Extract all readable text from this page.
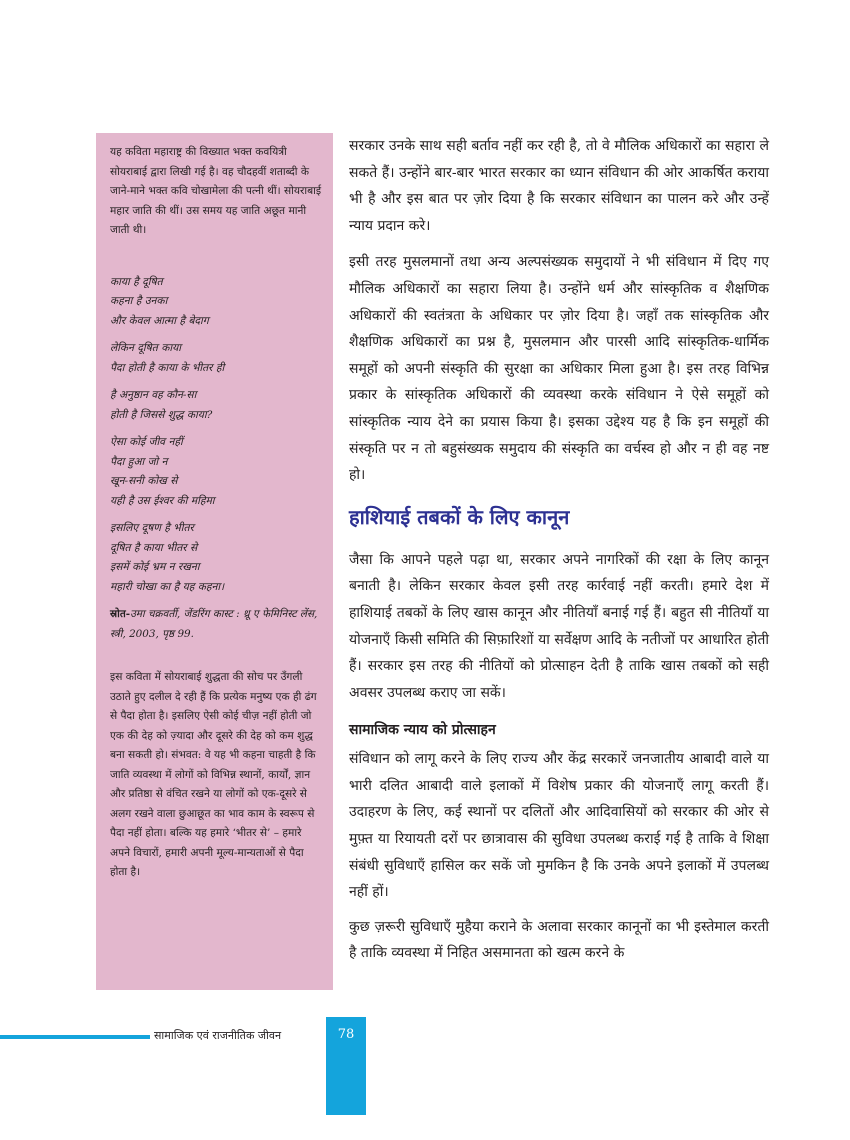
यह कविता महाराष्ट्र की विख्यात भक्त कवयित्री सोयराबाई द्वारा लिखी गई है। वह चौदहवीं शताब्दी के जाने-माने भक्त कवि चोखामेला की पत्नी थीं। सोयराबाई महार जाति की थीं। उस समय यह जाति अछूत मानी जाती थी।

काया है दूषित
कहना है उनका
और केवल आत्मा है बेदाग
लेकिन दूषित काया
पैदा होती है काया के भीतर ही
है अनुष्ठान वह कौन-सा
होती है जिससे शुद्ध काया?
ऐसा कोई जीव नहीं
पैदा हुआ जो न
खून-सनी कोख से
यही है उस ईश्वर की महिमा
इसलिए दूषण है भीतर
दूषित है काया भीतर से
इसमें कोई भ्रम न रखना
महारी चोखा का है यह कहना।

स्रोत-उमा चक्रवर्ती, जेंडरिंग कास्ट : थ्रू ए फेमिनिस्ट लेंस, स्त्री, 2003, पृष्ठ 99.

इस कविता में सोयराबाई शुद्धता की सोच पर उँगली उठाते हुए दलील दे रही हैं कि प्रत्येक मनुष्य एक ही ढंग से पैदा होता है। इसलिए ऐसी कोई चीज़ नहीं होती जो एक की देह को ज़्यादा और दूसरे की देह को कम शुद्ध बना सकती हो। संभवत: वे यह भी कहना चाहती है कि जाति व्यवस्था में लोगों को विभिन्न स्थानों, कार्यों, ज्ञान और प्रतिष्ठा से वंचित रखने या लोगों को एक-दूसरे से अलग रखने वाला छुआछूत का भाव काम के स्वरूप से पैदा नहीं होता। बल्कि यह हमारे ‘भीतर से’ – हमारे अपने विचारों, हमारी अपनी मूल्य-मान्यताओं से पैदा होता है।

सरकार उनके साथ सही बर्ताव नहीं कर रही है, तो वे मौलिक अधिकारों का सहारा ले सकते हैं। उन्होंने बार-बार भारत सरकार का ध्यान संविधान की ओर आकर्षित कराया भी है और इस बात पर ज़ोर दिया है कि सरकार संविधान का पालन करे और उन्हें न्याय प्रदान करे।

इसी तरह मुसलमानों तथा अन्य अल्पसंख्यक समुदायों ने भी संविधान में दिए गए मौलिक अधिकारों का सहारा लिया है। उन्होंने धर्म और सांस्कृतिक व शैक्षणिक अधिकारों की स्वतंत्रता के अधिकार पर ज़ोर दिया है। जहाँ तक सांस्कृतिक और शैक्षणिक अधिकारों का प्रश्न है, मुसलमान और पारसी आदि सांस्कृतिक-धार्मिक समूहों को अपनी संस्कृति की सुरक्षा का अधिकार मिला हुआ है। इस तरह विभिन्न प्रकार के सांस्कृतिक अधिकारों की व्यवस्था करके संविधान ने ऐसे समूहों को सांस्कृतिक न्याय देने का प्रयास किया है। इसका उद्देश्य यह है कि इन समूहों की संस्कृति पर न तो बहुसंख्यक समुदाय की संस्कृति का वर्चस्व हो और न ही वह नष्ट हो।

हाशियाई तबकों के लिए कानून

जैसा कि आपने पहले पढ़ा था, सरकार अपने नागरिकों की रक्षा के लिए कानून बनाती है। लेकिन सरकार केवल इसी तरह कार्रवाई नहीं करती। हमारे देश में हाशियाई तबकों के लिए खास कानून और नीतियाँ बनाई गई हैं। बहुत सी नीतियाँ या योजनाएँ किसी समिति की सिफ़ारिशों या सर्वेक्षण आदि के नतीजों पर आधारित होती हैं। सरकार इस तरह की नीतियों को प्रोत्साहन देती है ताकि खास तबकों को सही अवसर उपलब्ध कराए जा सकें।

सामाजिक न्याय को प्रोत्साहन

संविधान को लागू करने के लिए राज्य और केंद्र सरकारें जनजातीय आबादी वाले या भारी दलित आबादी वाले इलाकों में विशेष प्रकार की योजनाएँ लागू करती हैं। उदाहरण के लिए, कई स्थानों पर दलितों और आदिवासियों को सरकार की ओर से मुफ़्त या रियायती दरों पर छात्रावास की सुविधा उपलब्ध कराई गई है ताकि वे शिक्षा संबंधी सुविधाएँ हासिल कर सकें जो मुमकिन है कि उनके अपने इलाकों में उपलब्ध नहीं हों।

कुछ ज़रूरी सुविधाएँ मुहैया कराने के अलावा सरकार कानूनों का भी इस्तेमाल करती है ताकि व्यवस्था में निहित असमानता को खत्म करने के

सामाजिक एवं राजनीतिक जीवन	78
